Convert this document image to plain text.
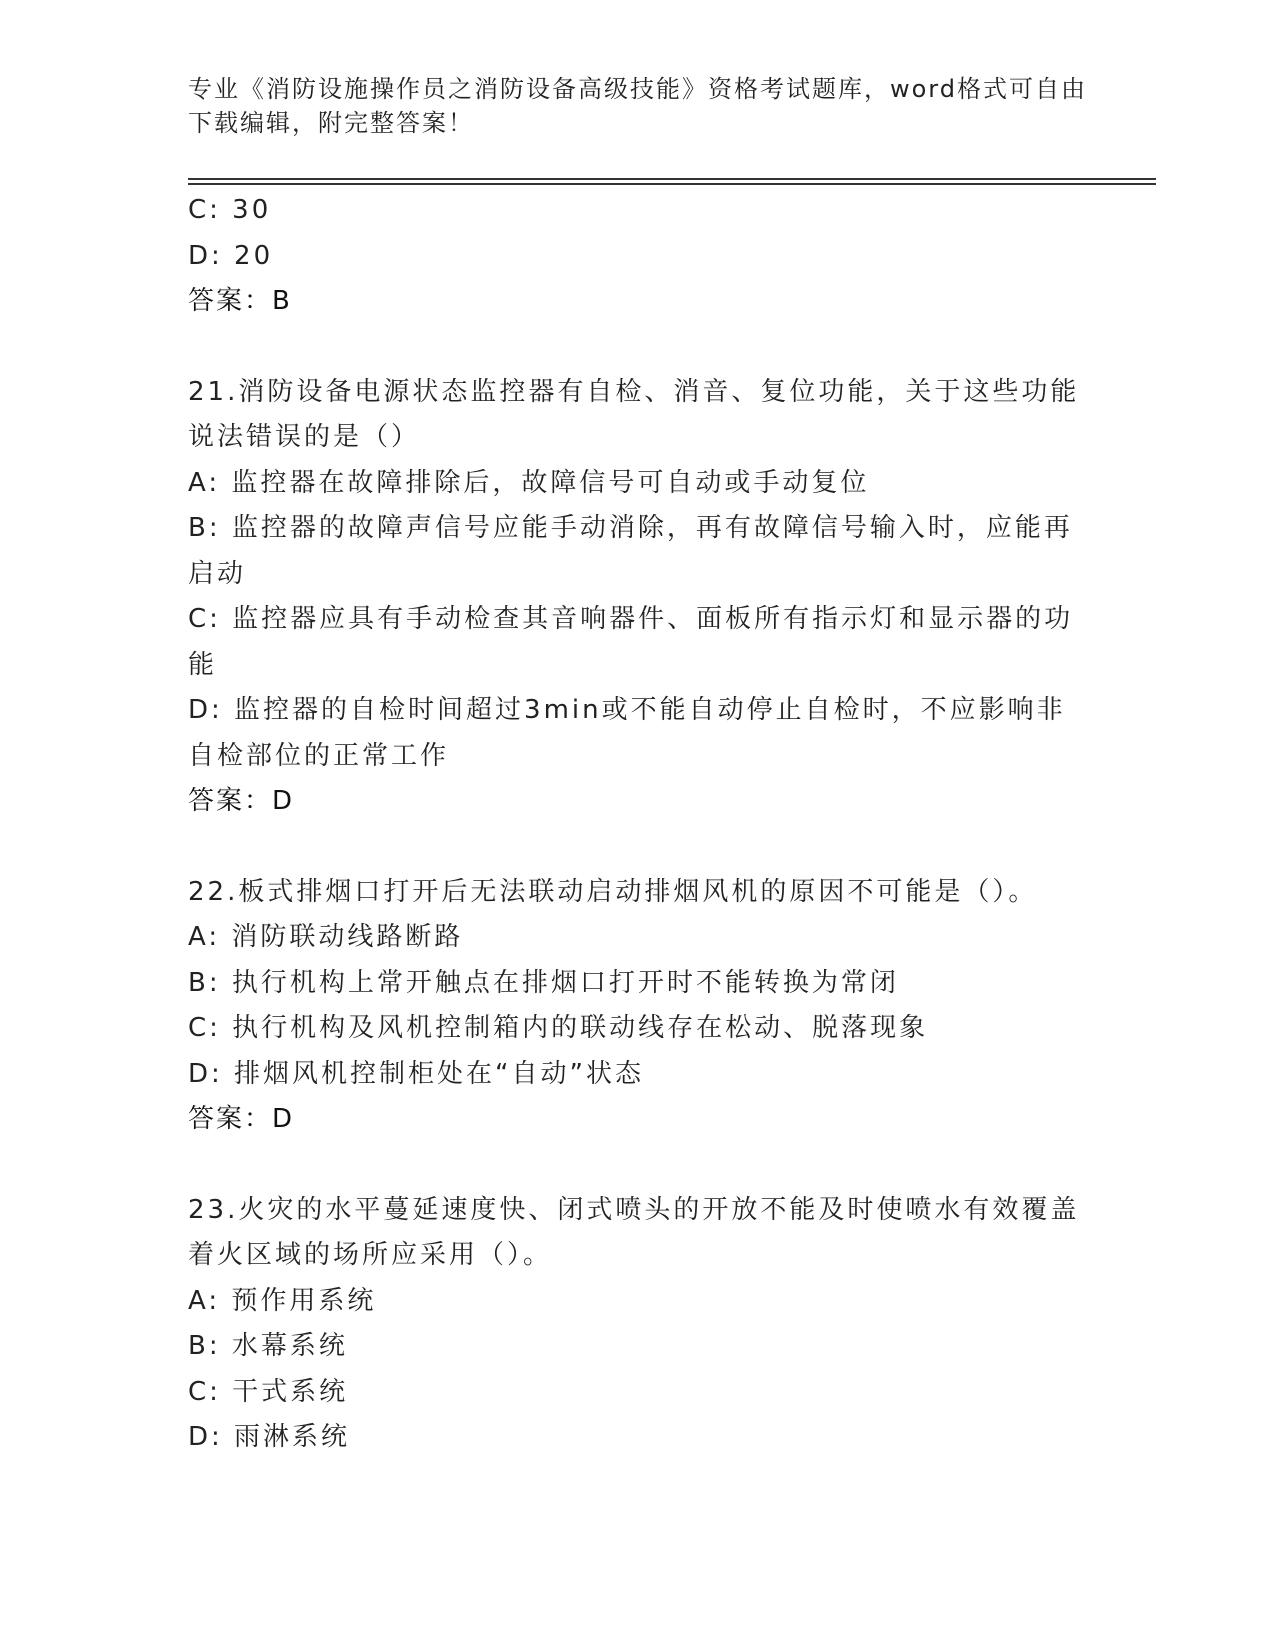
专业《消防设施操作员之消防设备高级技能》资格考试题库，word格式可自由下载编辑，附完整答案！
C: 30
D: 20
答案：B
21.消防设备电源状态监控器有自检、消音、复位功能，关于这些功能说法错误的是（）
A: 监控器在故障排除后，故障信号可自动或手动复位
B: 监控器的故障声信号应能手动消除，再有故障信号输入时，应能再启动
C: 监控器应具有手动检查其音响器件、面板所有指示灯和显示器的功能
D: 监控器的自检时间超过3min或不能自动停止自检时，不应影响非自检部位的正常工作
答案：D
22.板式排烟口打开后无法联动启动排烟风机的原因不可能是（）。
A: 消防联动线路断路
B: 执行机构上常开触点在排烟口打开时不能转换为常闭
C: 执行机构及风机控制箱内的联动线存在松动、脱落现象
D: 排烟风机控制柜处在“自动”状态
答案：D
23.火灾的水平蔓延速度快、闭式喷头的开放不能及时使喷水有效覆盖着火区域的场所应采用（）。
A: 预作用系统
B: 水幕系统
C: 干式系统
D: 雨淋系统
